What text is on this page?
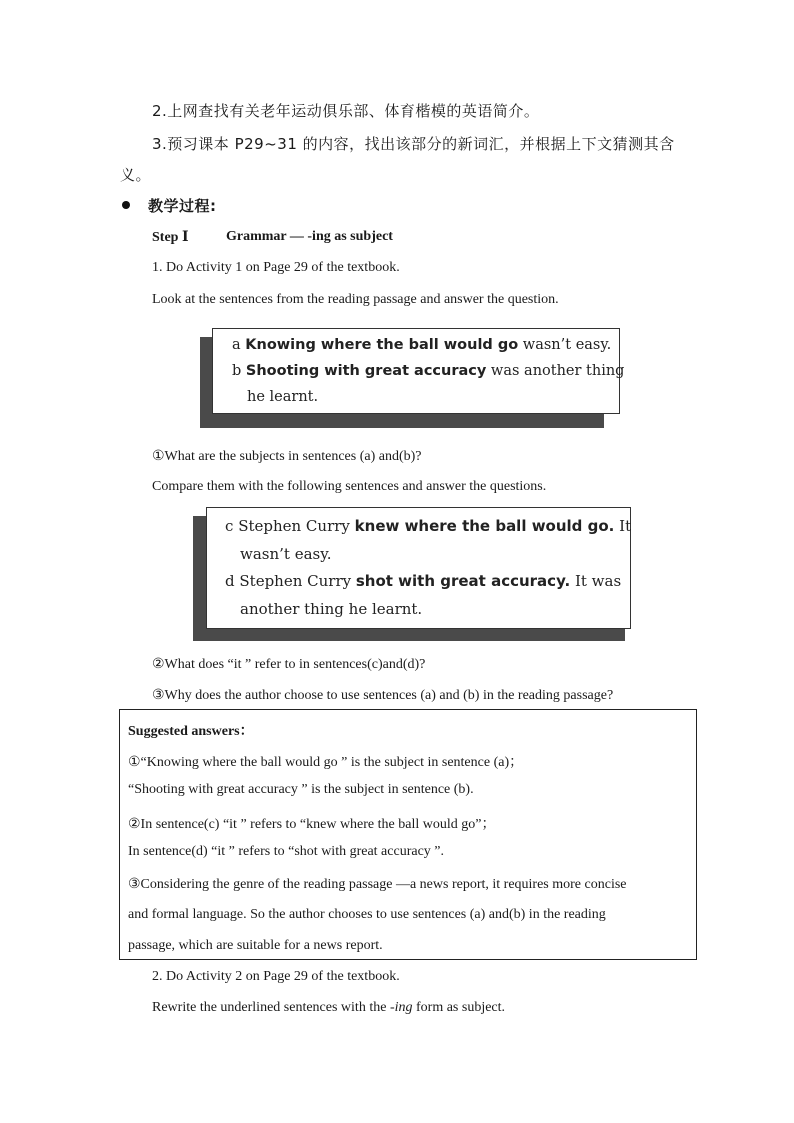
2.上网查找有关老年运动俱乐部、体育楷模的英语简介。
3.预习课本 P29~31 的内容，找出该部分的新词汇，并根据上下文猜测其含
义。
教学过程:
Step Ⅰ	Grammar — -ing as subject
1. Do Activity 1 on Page 29 of the textbook.
Look at the sentences from the reading passage and answer the question.
a Knowing where the ball would go wasn’t easy.
b Shooting with great accuracy was another thing
he learnt.
①What are the subjects in sentences (a) and(b)?
Compare them with the following sentences and answer the questions.
c Stephen Curry knew where the ball would go. It
wasn’t easy.
d Stephen Curry shot with great accuracy. It was
another thing he learnt.
②What does “it ” refer to in sentences(c)and(d)?
③Why does the author choose to use sentences (a) and (b) in the reading passage?
Suggested answers：
①“Knowing where the ball would go ” is the subject in sentence (a)；
“Shooting with great accuracy ” is the subject in sentence (b).
②In sentence(c) “it ” refers to “knew where the ball would go”；
In sentence(d) “it ” refers to “shot with great accuracy ”.
③Considering the genre of the reading passage —a news report, it requires more concise
and formal language. So the author chooses to use sentences (a) and(b) in the reading
passage, which are suitable for a news report.
2. Do Activity 2 on Page 29 of the textbook.
Rewrite the underlined sentences with the -ing form as subject.
